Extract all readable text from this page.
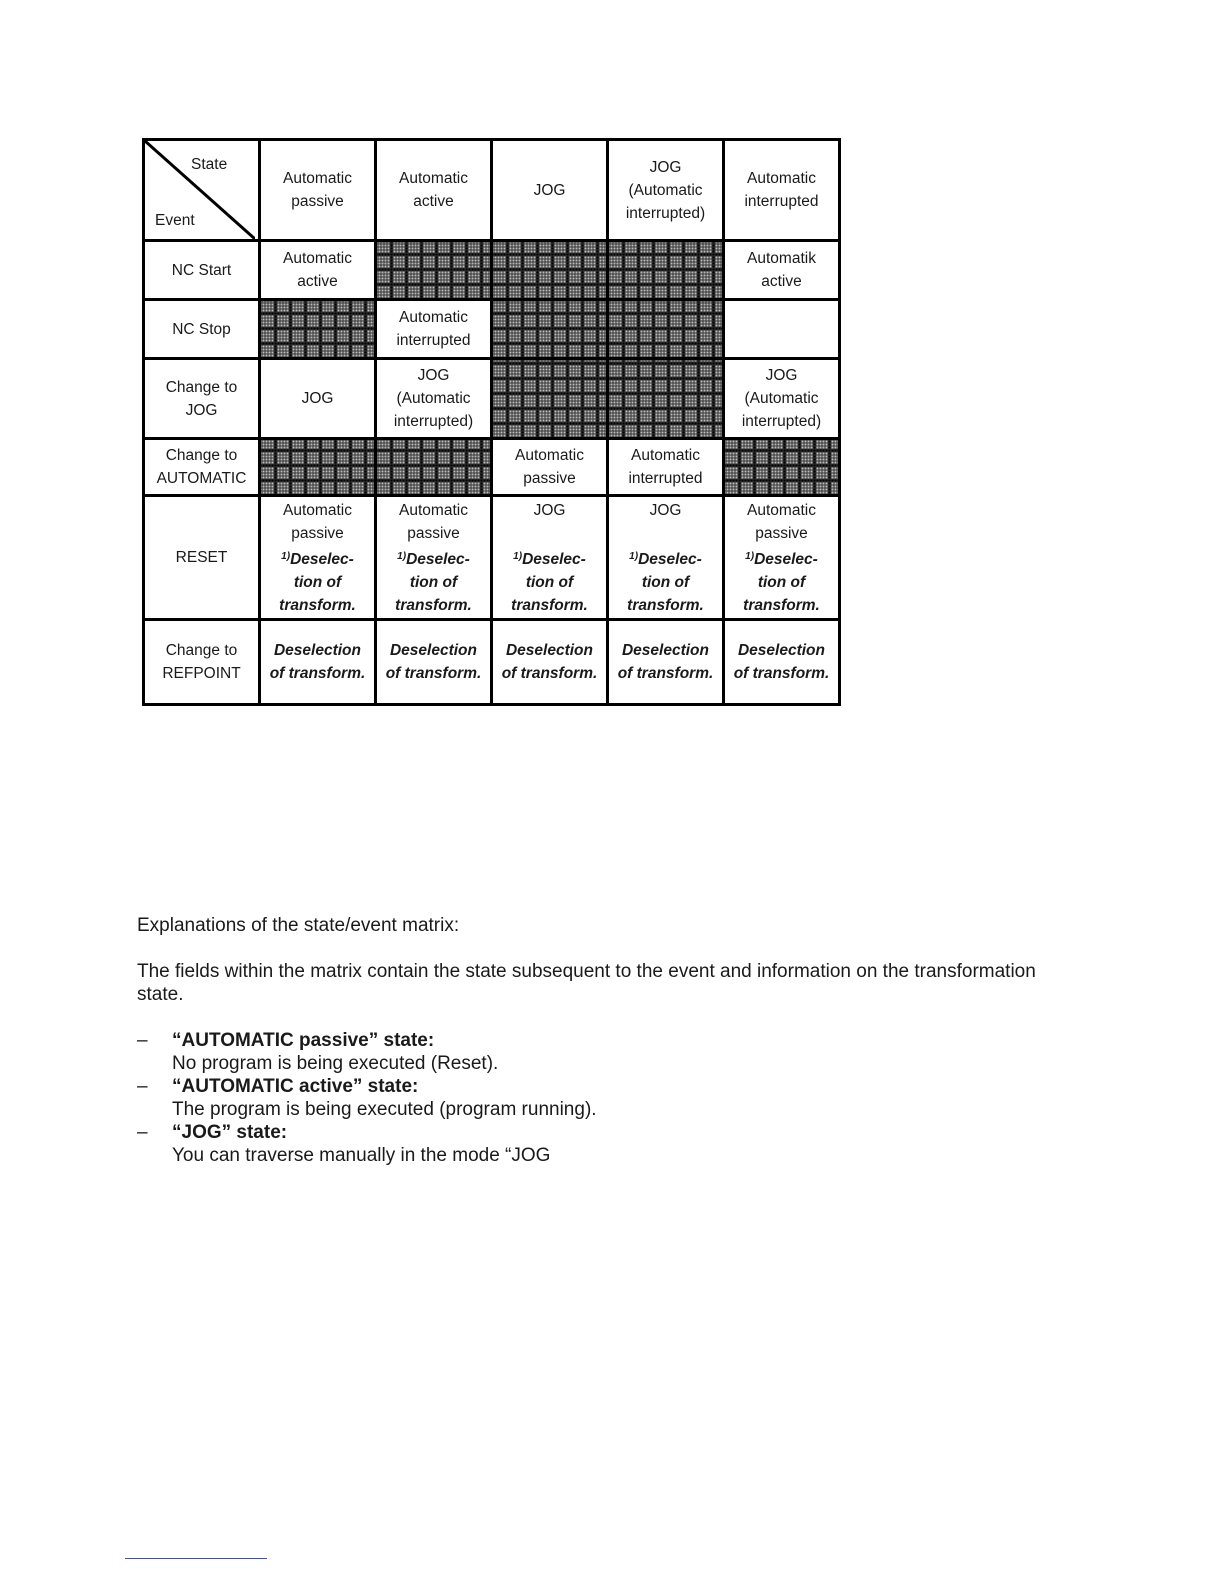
State
Event	Automatic
passive	Automatic
active	JOG	JOG
(Automatic
interrupted)	Automatic
interrupted

NC Start	Automatic
active				Automatik
active

NC Stop		Automatic
interrupted			

Change to
JOG	JOG	JOG
(Automatic
interrupted)			JOG
(Automatic
interrupted)

Change to
AUTOMATIC			Automatic
passive	Automatic
interrupted	

RESET	Automatic
passive
$^{1)}$Deselec-
tion of
transform.	Automatic
passive
$^{1)}$Deselec-
tion of
transform.	JOG

$^{1)}$Deselec-
tion of
transform.	JOG

$^{1)}$Deselec-
tion of
transform.	Automatic
passive
$^{1)}$Deselec-
tion of
transform.

Change to
REFPOINT	Deselection
of transform.	Deselection
of transform.	Deselection
of transform.	Deselection
of transform.	Deselection
of transform.

Explanations of the state/event matrix:

The fields within the matrix contain the state subsequent to the event and information on the transformation state.

–	“AUTOMATIC passive” state:
No program is being executed (Reset).
–	“AUTOMATIC active” state:
The program is being executed (program running).
–	“JOG” state:
You can traverse manually in the mode “JOG
